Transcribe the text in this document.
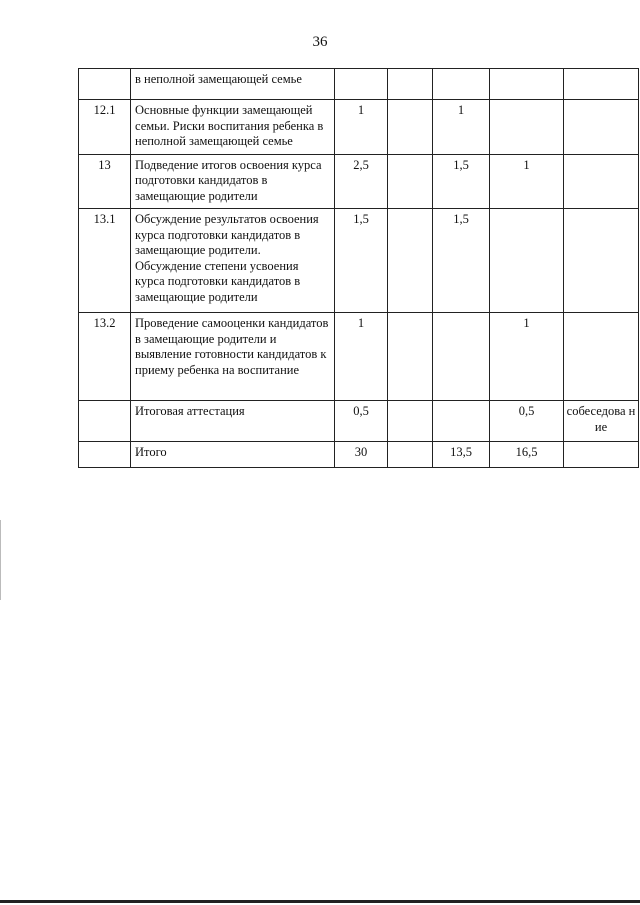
36
	в неполной замещающей семье					
12.1	Основные функции замещающей семьи. Риски воспитания ребенка в неполной замещающей семье	1		1		
13	Подведение итогов освоения курса подготовки кандидатов в замещающие родители	2,5		1,5	1	
13.1	Обсуждение результатов освоения курса подготовки кандидатов в замещающие родители. Обсуждение степени усвоения курса подготовки кандидатов в замещающие родители	1,5		1,5		
13.2	Проведение самооценки кандидатов в замещающие родители и выявление готовности кандидатов к приему ребенка на воспитание	1			1	
	Итоговая аттестация	0,5			0,5	собеседова ние
	Итого	30		13,5	16,5	
